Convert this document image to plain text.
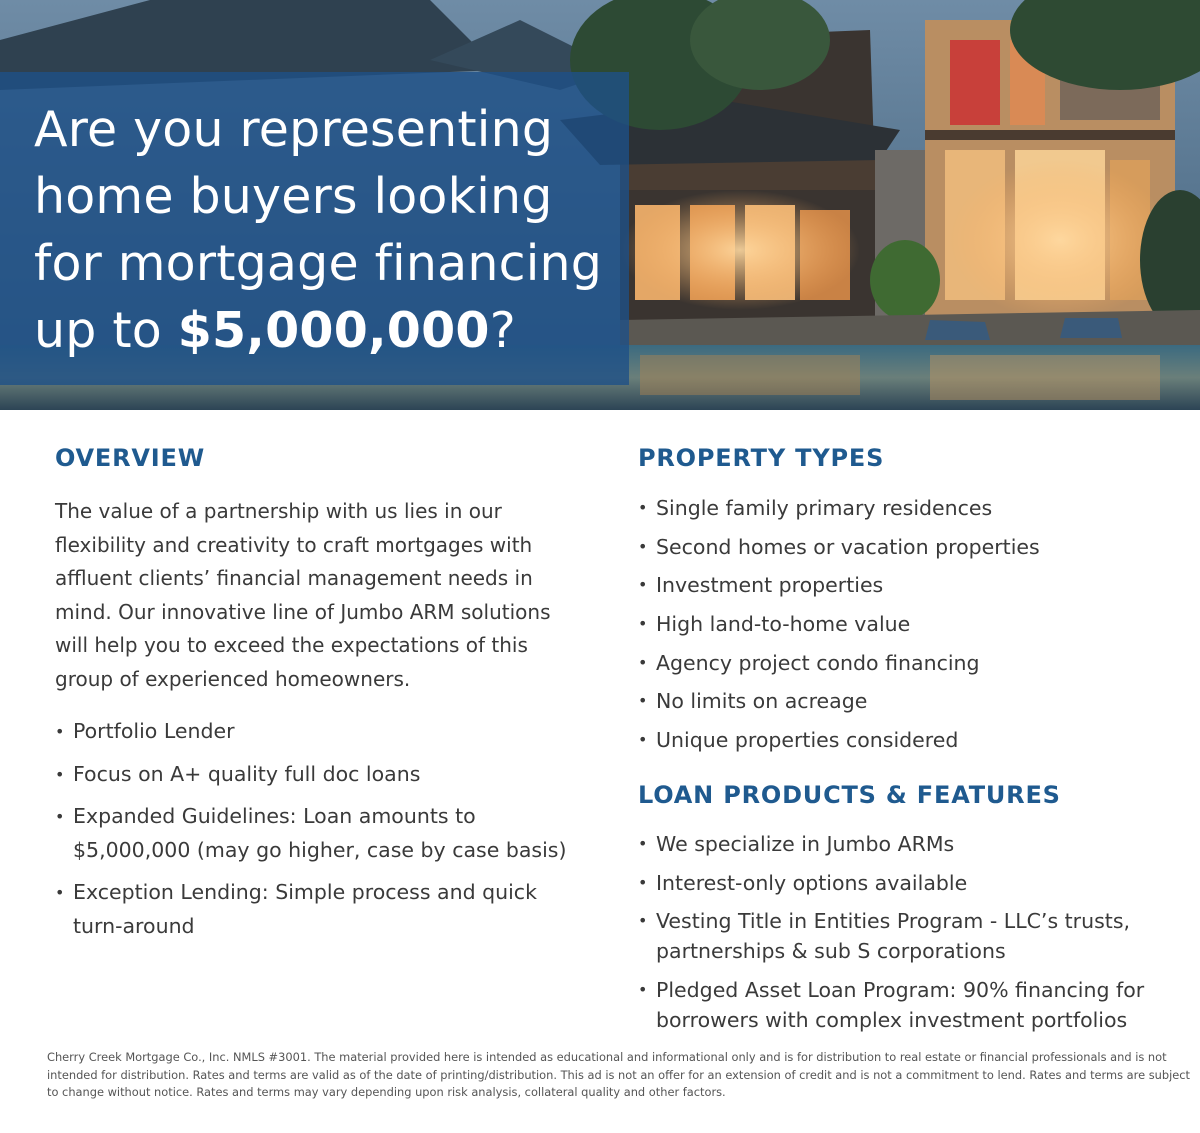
Are you representing
home buyers looking
for mortgage financing
up to $5,000,000?
OVERVIEW

The value of a partnership with us lies in our flexibility and creativity to craft mortgages with affluent clients’ financial management needs in mind. Our innovative line of Jumbo ARM solutions will help you to exceed the expectations of this group of experienced homeowners.

• Portfolio Lender
• Focus on A+ quality full doc loans
• Expanded Guidelines: Loan amounts to $5,000,000 (may go higher, case by case basis)
• Exception Lending: Simple process and quick turn-around
PROPERTY TYPES
• Single family primary residences
• Second homes or vacation properties
• Investment properties
• High land-to-home value
• Agency project condo financing
• No limits on acreage
• Unique properties considered
LOAN PRODUCTS & FEATURES
• We specialize in Jumbo ARMs
• Interest-only options available
• Vesting Title in Entities Program - LLC’s trusts, partnerships & sub S corporations
• Pledged Asset Loan Program: 90% financing for borrowers with complex investment portfolios

Cherry Creek Mortgage Co., Inc. NMLS #3001. The material provided here is intended as educational and informational only and is for distribution to real estate or financial professionals and is not intended for distribution. Rates and terms are valid as of the date of printing/distribution. This ad is not an offer for an extension of credit and is not a commitment to lend. Rates and terms are subject to change without notice. Rates and terms may vary depending upon risk analysis, collateral quality and other factors.
